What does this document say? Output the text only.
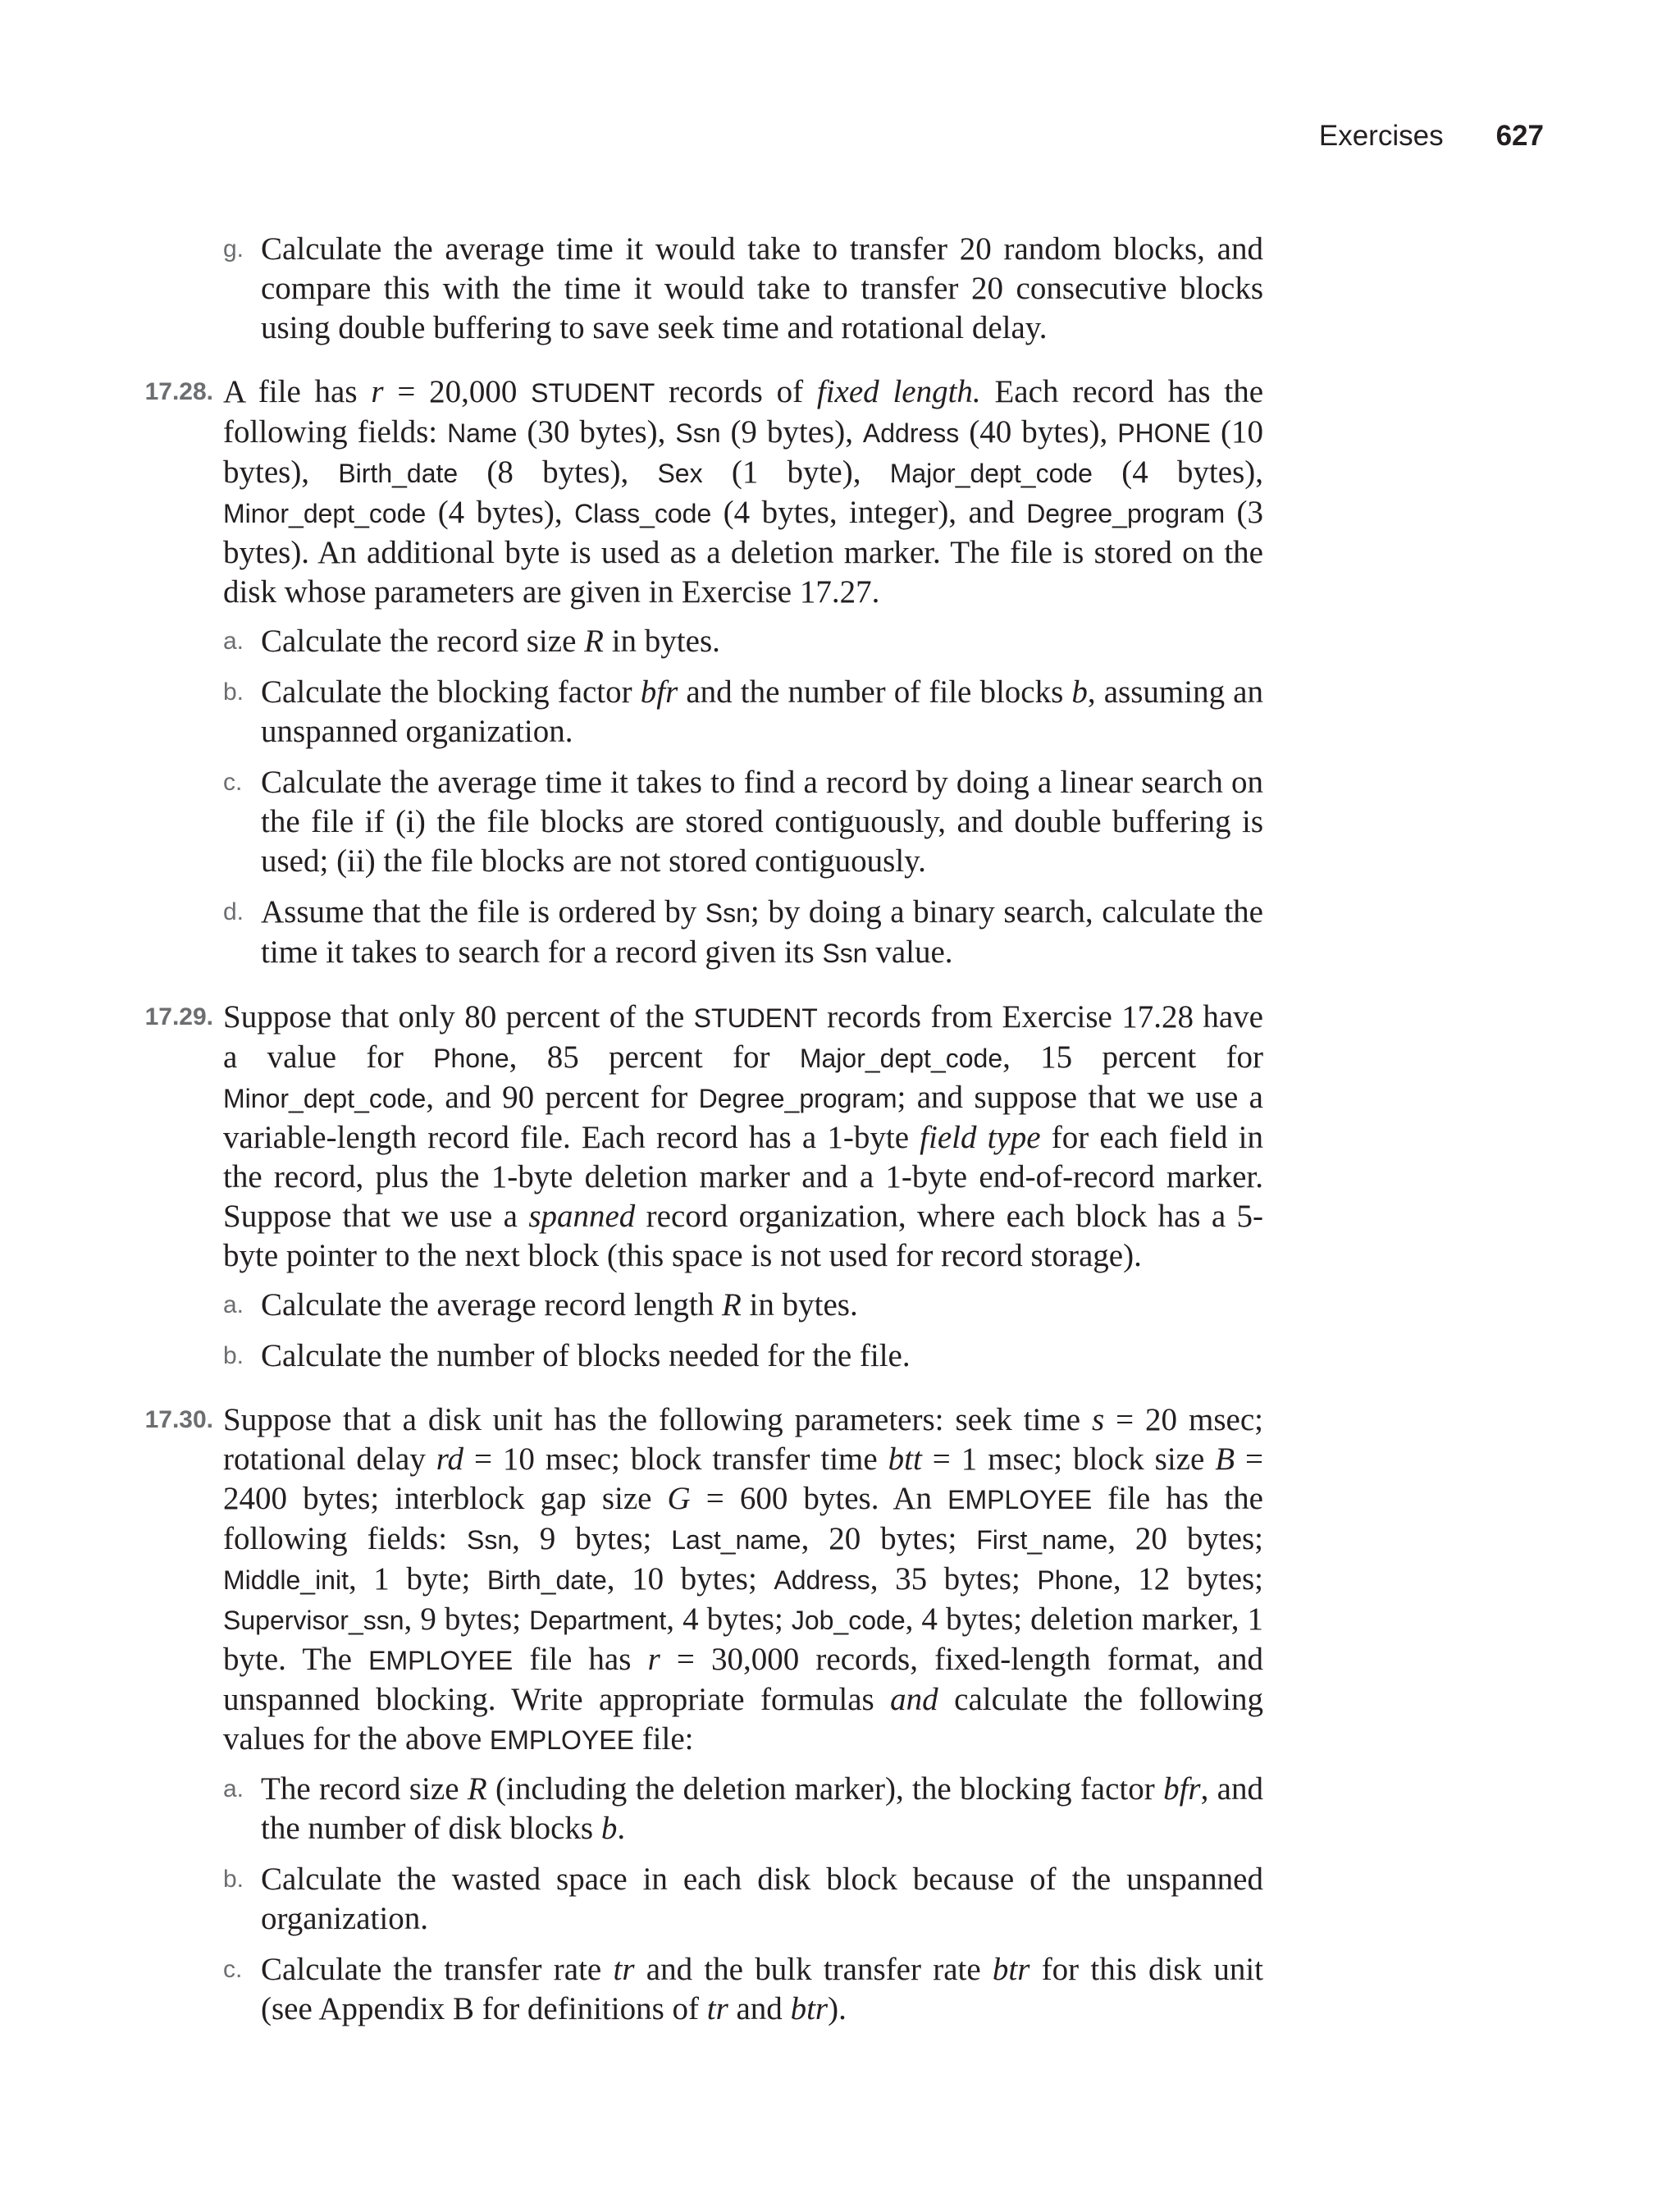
Exercises 627
g. Calculate the average time it would take to transfer 20 random blocks, and compare this with the time it would take to transfer 20 consecutive blocks using double buffering to save seek time and rotational delay.
17.28. A file has r = 20,000 STUDENT records of fixed length. Each record has the following fields: Name (30 bytes), Ssn (9 bytes), Address (40 bytes), PHONE (10 bytes), Birth_date (8 bytes), Sex (1 byte), Major_dept_code (4 bytes), Minor_dept_code (4 bytes), Class_code (4 bytes, integer), and Degree_program (3 bytes). An additional byte is used as a deletion marker. The file is stored on the disk whose parameters are given in Exercise 17.27.
a. Calculate the record size R in bytes.
b. Calculate the blocking factor bfr and the number of file blocks b, assuming an unspanned organization.
c. Calculate the average time it takes to find a record by doing a linear search on the file if (i) the file blocks are stored contiguously, and double buffering is used; (ii) the file blocks are not stored contiguously.
d. Assume that the file is ordered by Ssn; by doing a binary search, calculate the time it takes to search for a record given its Ssn value.
17.29. Suppose that only 80 percent of the STUDENT records from Exercise 17.28 have a value for Phone, 85 percent for Major_dept_code, 15 percent for Minor_dept_code, and 90 percent for Degree_program; and suppose that we use a variable-length record file. Each record has a 1-byte field type for each field in the record, plus the 1-byte deletion marker and a 1-byte end-of-record marker. Suppose that we use a spanned record organization, where each block has a 5-byte pointer to the next block (this space is not used for record storage).
a. Calculate the average record length R in bytes.
b. Calculate the number of blocks needed for the file.
17.30. Suppose that a disk unit has the following parameters: seek time s = 20 msec; rotational delay rd = 10 msec; block transfer time btt = 1 msec; block size B = 2400 bytes; interblock gap size G = 600 bytes. An EMPLOYEE file has the following fields: Ssn, 9 bytes; Last_name, 20 bytes; First_name, 20 bytes; Middle_init, 1 byte; Birth_date, 10 bytes; Address, 35 bytes; Phone, 12 bytes; Supervisor_ssn, 9 bytes; Department, 4 bytes; Job_code, 4 bytes; deletion marker, 1 byte. The EMPLOYEE file has r = 30,000 records, fixed-length format, and unspanned blocking. Write appropriate formulas and calculate the following values for the above EMPLOYEE file:
a. The record size R (including the deletion marker), the blocking factor bfr, and the number of disk blocks b.
b. Calculate the wasted space in each disk block because of the unspanned organization.
c. Calculate the transfer rate tr and the bulk transfer rate btr for this disk unit (see Appendix B for definitions of tr and btr).
